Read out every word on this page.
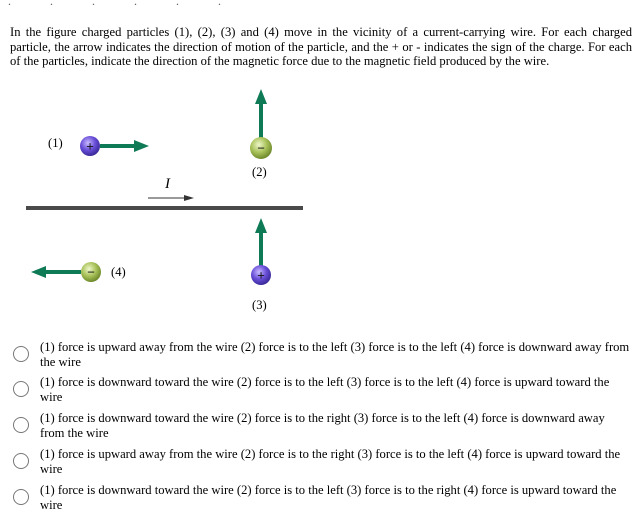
. . . . . .

In the figure charged particles (1), (2), (3) and (4) move in the vicinity of a current-carrying wire. For each charged particle, the arrow indicates the direction of motion of the particle, and the + or - indicates the sign of the charge. For each of the particles, indicate the direction of the magnetic force due to the magnetic field produced by the wire.

+	−
+
−
(1)
(2)
(3)
(4)
I
(1) force is upward away from the wire (2) force is to the left (3) force is to the left (4) force is downward away from the wire
(1) force is downward toward the wire (2) force is to the left (3) force is to the left (4) force is upward toward the wire
(1) force is downward toward the wire (2) force is to the right (3) force is to the left (4) force is downward away from the wire
(1) force is upward away from the wire (2) force is to the right (3) force is to the left (4) force is upward toward the wire
(1) force is downward toward the wire (2) force is to the left (3) force is to the right (4) force is upward toward the wire
